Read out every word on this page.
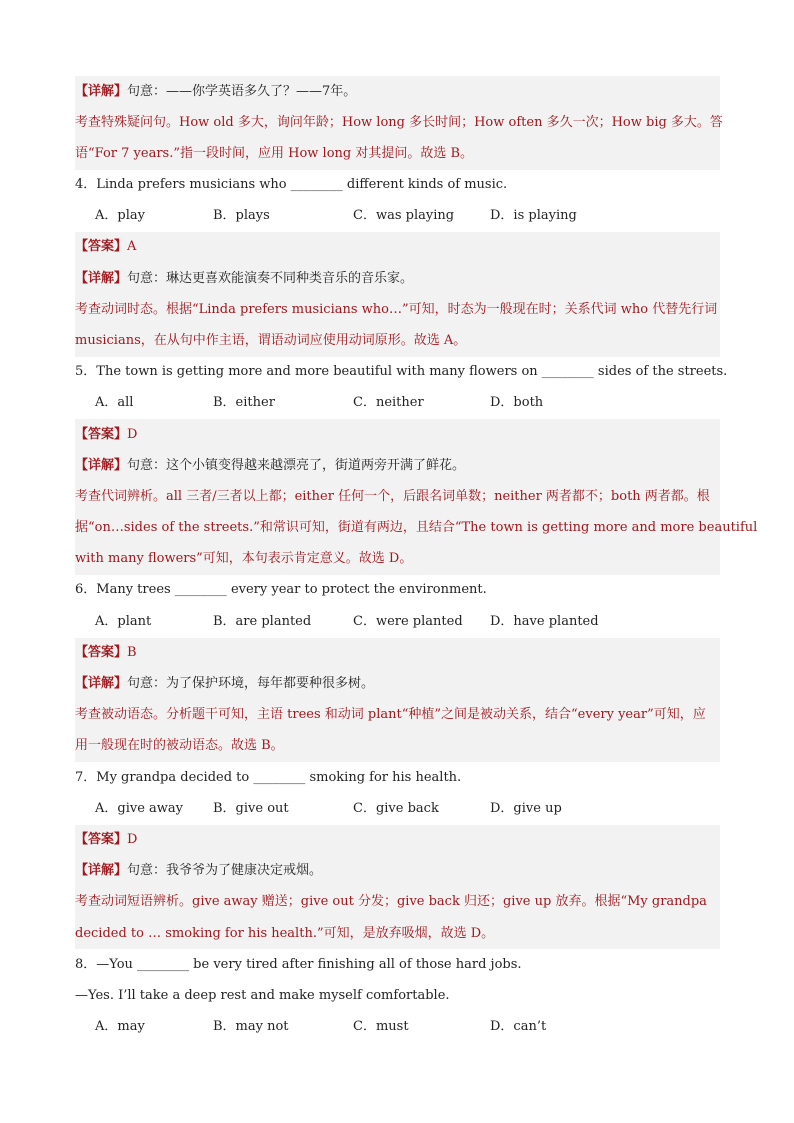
【详解】句意：——你学英语多久了？——7年。
考查特殊疑问句。How old 多大，询问年龄；How long 多长时间；How often 多久一次；How big 多大。答
语“For 7 years.”指一段时间，应用 How long 对其提问。故选 B。
4．Linda prefers musicians who ________ different kinds of music.
A．play	B．plays	C．was playing	D．is playing
【答案】A
【详解】句意：琳达更喜欢能演奏不同种类音乐的音乐家。
考查动词时态。根据“Linda prefers musicians who…”可知，时态为一般现在时；关系代词 who 代替先行词
musicians，在从句中作主语，谓语动词应使用动词原形。故选 A。
5．The town is getting more and more beautiful with many flowers on ________ sides of the streets.
A．all	B．either	C．neither	D．both
【答案】D
【详解】句意：这个小镇变得越来越漂亮了，街道两旁开满了鲜花。
考查代词辨析。all 三者/三者以上都；either 任何一个，后跟名词单数；neither 两者都不；both 两者都。根
据“on…sides of the streets.”和常识可知，街道有两边，且结合“The town is getting more and more beautiful
with many flowers”可知，本句表示肯定意义。故选 D。
6．Many trees ________ every year to protect the environment.
A．plant	B．are planted	C．were planted D．have planted
【答案】B
【详解】句意：为了保护环境，每年都要种很多树。
考查被动语态。分析题干可知，主语 trees 和动词 plant“种植”之间是被动关系，结合“every year”可知，应
用一般现在时的被动语态。故选 B。
7．My grandpa decided to ________ smoking for his health.
A．give away B．give out	C．give back	D．give up
【答案】D
【详解】句意：我爷爷为了健康决定戒烟。
考查动词短语辨析。give away 赠送；give out 分发；give back 归还；give up 放弃。根据“My grandpa
decided to … smoking for his health.”可知，是放弃吸烟，故选 D。
8．—You ________ be very tired after finishing all of those hard jobs.
—Yes. I’ll take a deep rest and make myself comfortable.
A．may	B．may not	C．must	D．can’t
